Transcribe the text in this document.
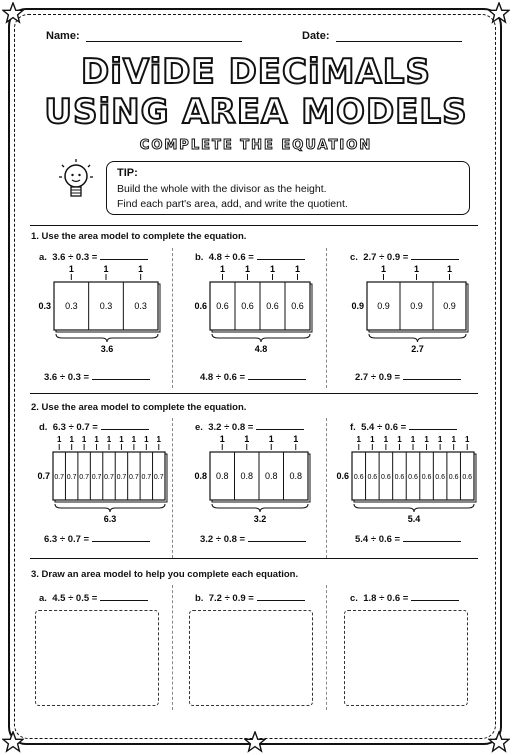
Name:	Date:
DiViDE DECiMALS
USiNG AREA MODELS
COMPLETE THE EQUATION
TIP:
Build the whole with the divisor as the height.
Find each part's area, add, and write the quotient.
1. Use the area model to complete the equation.
a. 3.6 ÷ 0.3 =	b. 4.8 ÷ 0.6 =	c. 2.7 ÷ 0.9 =
1	1	1
0.3 0.3 0.3
0.3
3.6
1 1 1 1
0.6 0.6 0.6 0.6
0.6
4.8
1	1	1
0.9 0.9 0.9
0.9
2.7
3.6 ÷ 0.3 =	4.8 ÷ 0.6 =	2.7 ÷ 0.9 =
2. Use the area model to complete the equation.
d. 6.3 ÷ 0.7 =	e. 3.2 ÷ 0.8 =	f. 5.4 ÷ 0.6 =
1 1 1 1 1 1 1 1 1
0.7 0.7 0.7 0.7 0.7 0.7 0.7 0.7 0.7
0.7
6.3
1 1 1 1
0.8 0.8 0.8 0.8
0.8
3.2
1 1 1 1 1 1 1 1 1
0.6 0.6 0.6 0.6 0.6 0.6 0.6 0.6 0.6
0.6
5.4
6.3 ÷ 0.7 =	3.2 ÷ 0.8 =	5.4 ÷ 0.6 =
3. Draw an area model to help you complete each equation.
a. 4.5 ÷ 0.5 =	b. 7.2 ÷ 0.9 =	c. 1.8 ÷ 0.6 =
